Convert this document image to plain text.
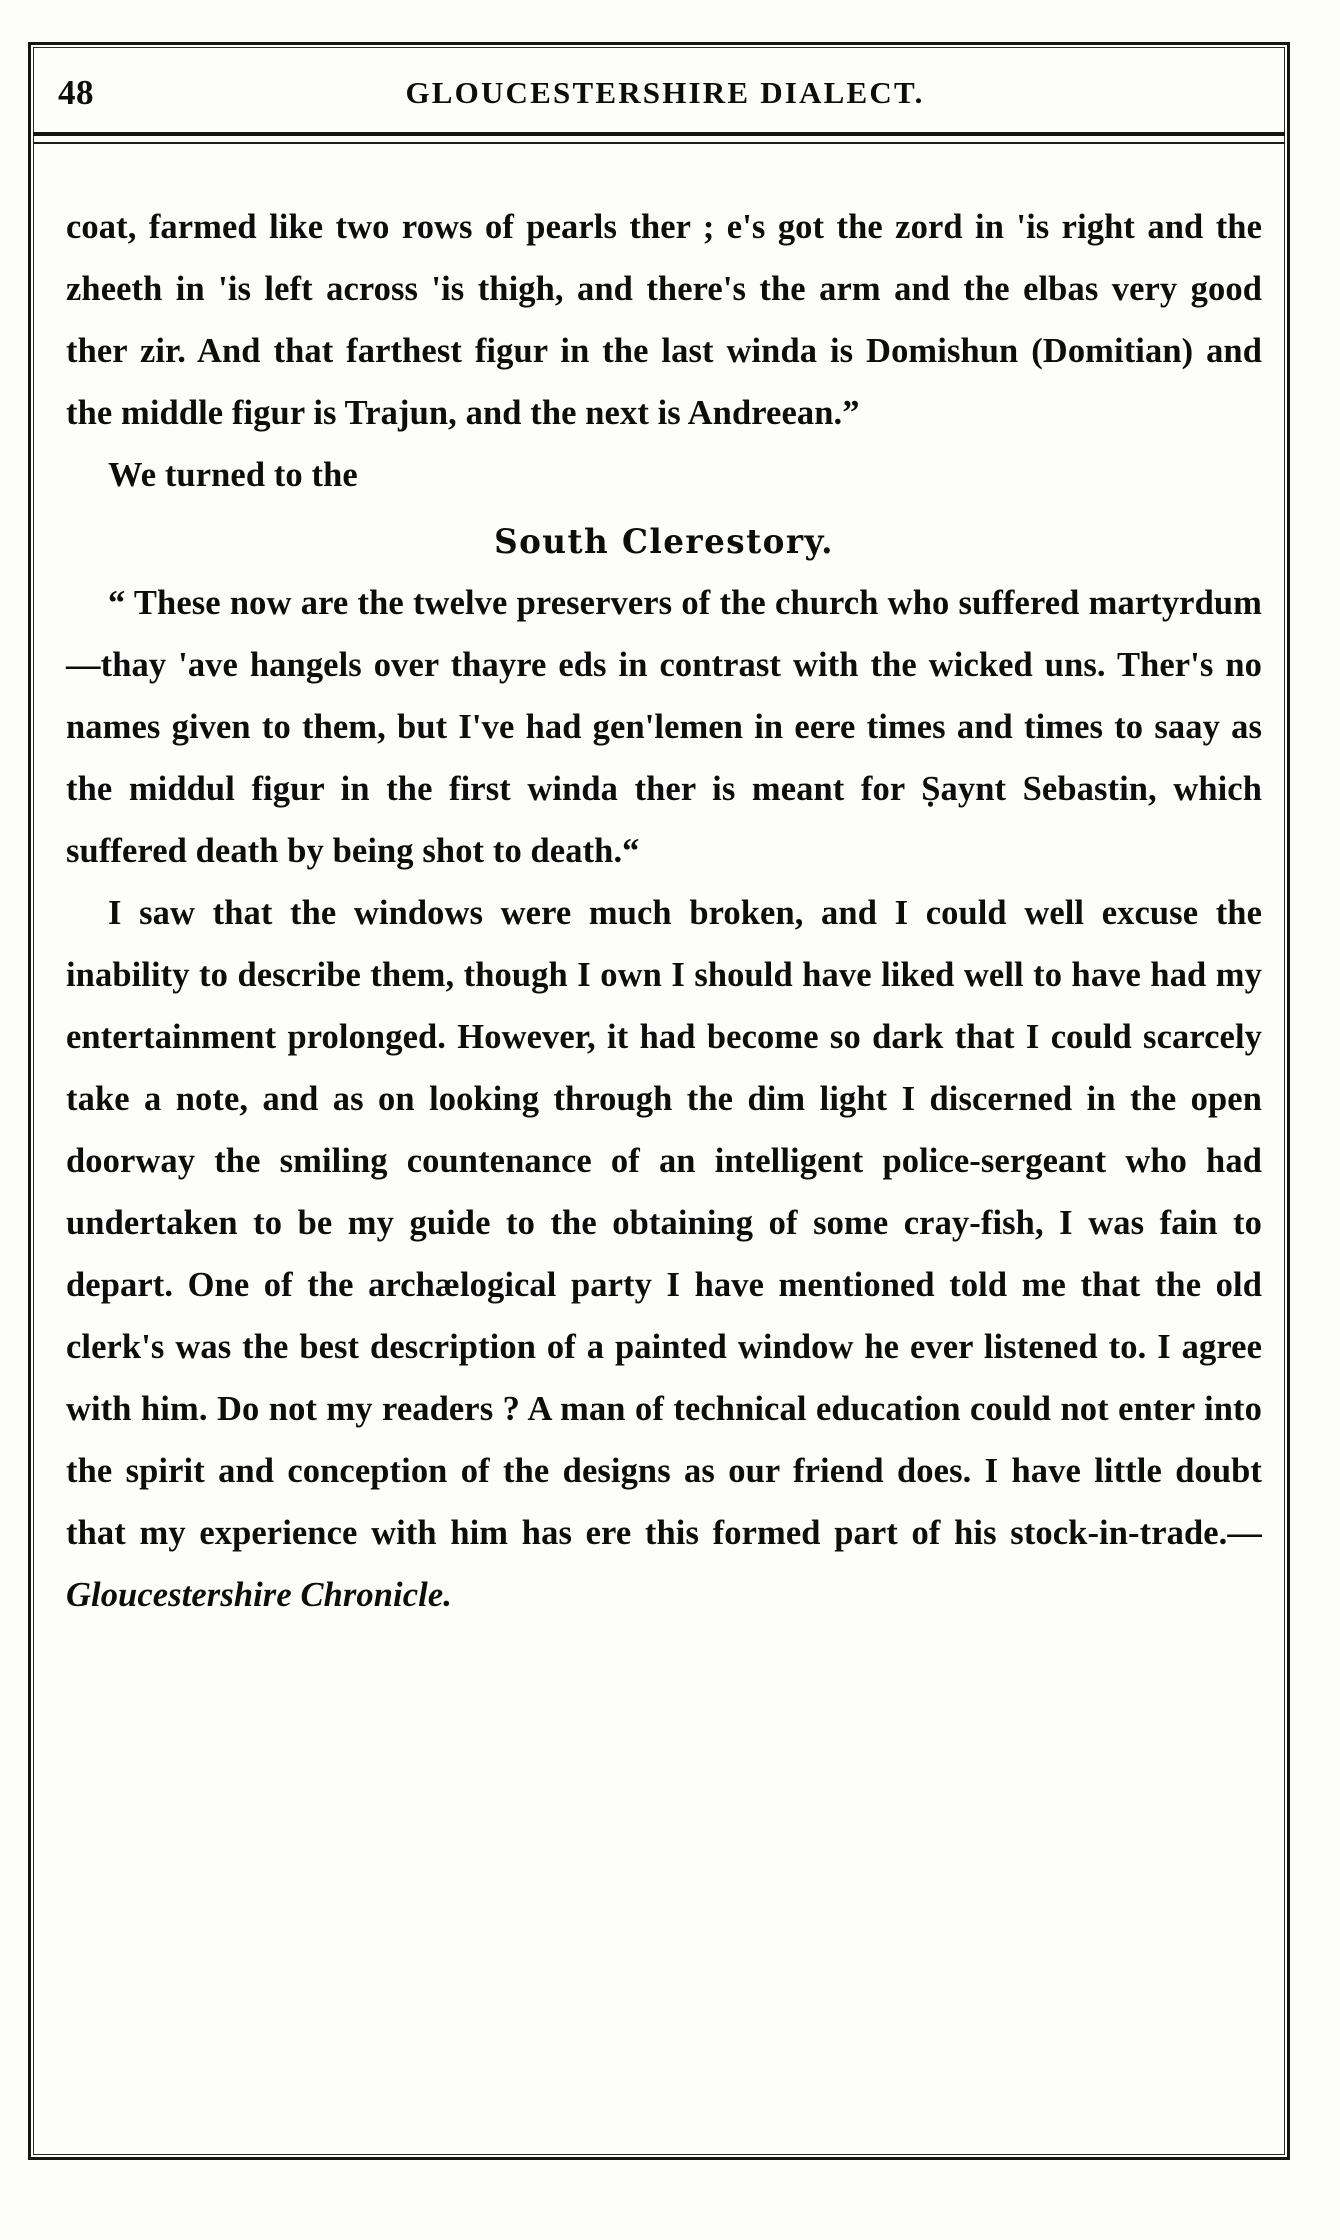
48	GLOUCESTERSHIRE DIALECT.

coat, farmed like two rows of pearls ther ; e's got the zord in 'is right and the zheeth in 'is left across 'is thigh, and there's the arm and the elbas very good ther zir. And that farthest figur in the last winda is Domishun (Domitian) and the middle figur is Trajun, and the next is Andreean.”

We turned to the

South Clerestory.

“ These now are the twelve preservers of the church who suffered martyrdum—thay 'ave hangels over thayre eds in contrast with the wicked uns. Ther's no names given to them, but I've had gen'lemen in eere times and times to saay as the middul figur in the first winda ther is meant for Ṣaynt Sebastin, which suffered death by being shot to death.“

I saw that the windows were much broken, and I could well excuse the inability to describe them, though I own I should have liked well to have had my entertainment prolonged. However, it had become so dark that I could scarcely take a note, and as on looking through the dim light I discerned in the open doorway the smiling countenance of an intelligent police-sergeant who had undertaken to be my guide to the obtaining of some cray-fish, I was fain to depart. One of the archælogical party I have mentioned told me that the old clerk's was the best description of a painted window he ever listened to. I agree with him. Do not my readers ? A man of technical education could not enter into the spirit and conception of the designs as our friend does. I have little doubt that my experience with him has ere this formed part of his stock-in-trade.—Gloucestershire Chronicle.
